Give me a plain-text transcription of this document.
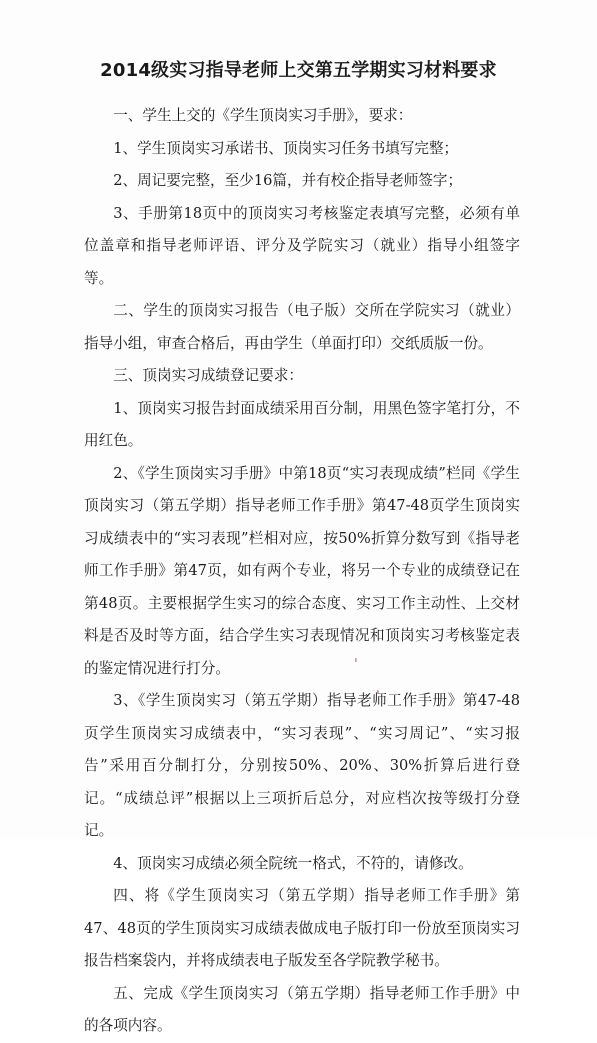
2014级实习指导老师上交第五学期实习材料要求

一、学生上交的《学生顶岗实习手册》，要求：

1、学生顶岗实习承诺书、顶岗实习任务书填写完整；

2、周记要完整，至少16篇，并有校企指导老师签字；

3、手册第18页中的顶岗实习考核鉴定表填写完整，必须有单位盖章和指导老师评语、评分及学院实习（就业）指导小组签字等。

二、学生的顶岗实习报告（电子版）交所在学院实习（就业）指导小组，审查合格后，再由学生（单面打印）交纸质版一份。

三、顶岗实习成绩登记要求：

1、顶岗实习报告封面成绩采用百分制，用黑色签字笔打分，不用红色。

2、《学生顶岗实习手册》中第18页“实习表现成绩”栏同《学生顶岗实习（第五学期）指导老师工作手册》第47-48页学生顶岗实习成绩表中的“实习表现”栏相对应，按50%折算分数写到《指导老师工作手册》第47页，如有两个专业，将另一个专业的成绩登记在第48页。主要根据学生实习的综合态度、实习工作主动性、上交材料是否及时等方面，结合学生实习表现情况和顶岗实习考核鉴定表的鉴定情况进行打分。

3、《学生顶岗实习（第五学期）指导老师工作手册》第47-48页学生顶岗实习成绩表中，“实习表现”、“实习周记”、“实习报告”采用百分制打分，分别按50%、20%、30%折算后进行登记。“成绩总评”根据以上三项折后总分，对应档次按等级打分登记。

4、顶岗实习成绩必须全院统一格式，不符的，请修改。

四、将《学生顶岗实习（第五学期）指导老师工作手册》第47、48页的学生顶岗实习成绩表做成电子版打印一份放至顶岗实习报告档案袋内，并将成绩表电子版发至各学院教学秘书。

五、完成《学生顶岗实习（第五学期）指导老师工作手册》中的各项内容。

ˌ
ˌ
